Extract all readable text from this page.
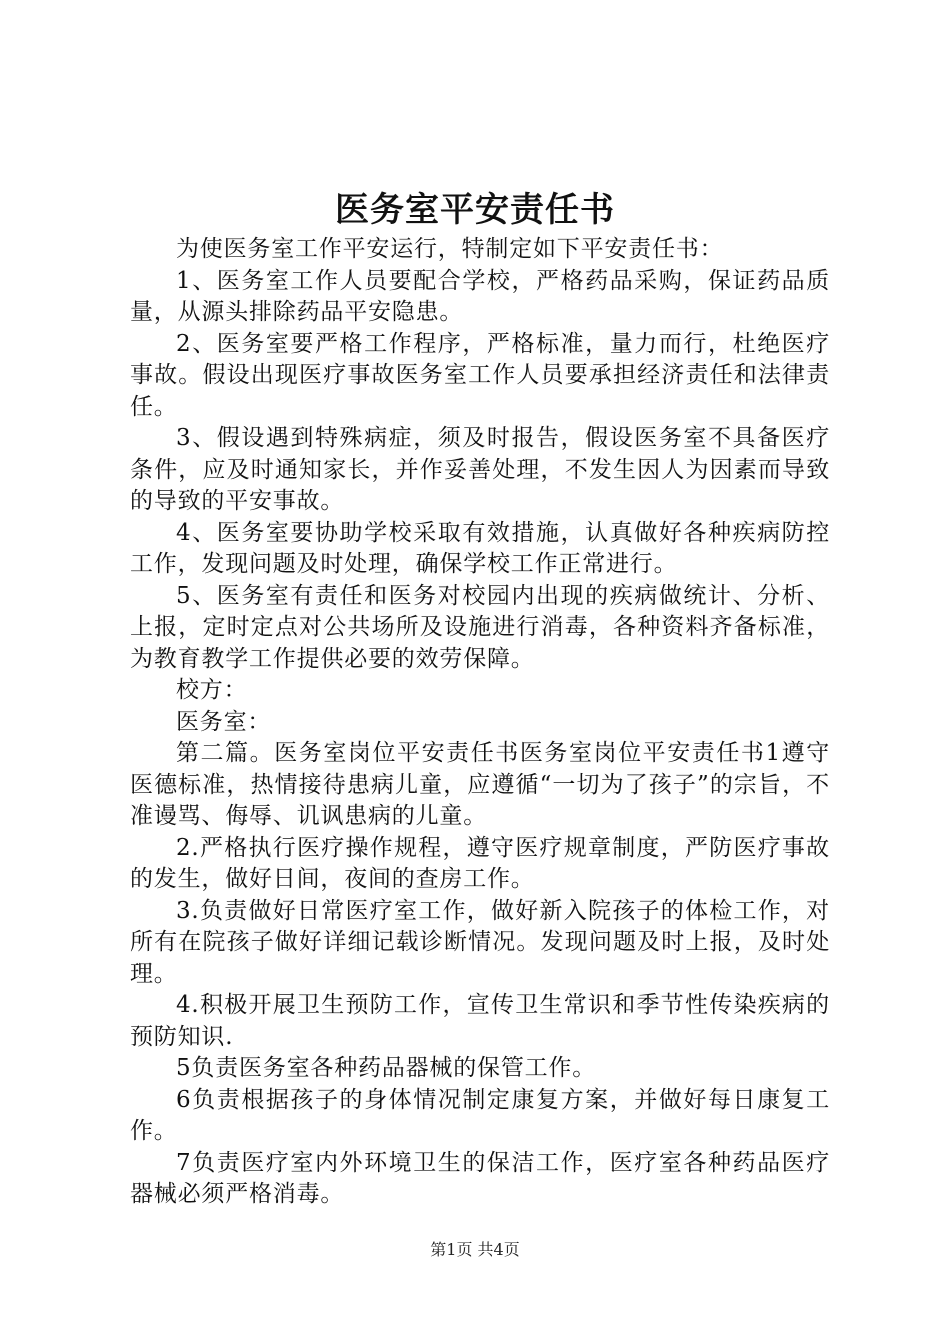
医务室平安责任书

为使医务室工作平安运行，特制定如下平安责任书：

1、医务室工作人员要配合学校，严格药品采购，保证药品质量，从源头排除药品平安隐患。

2、医务室要严格工作程序，严格标准，量力而行，杜绝医疗事故。假设出现医疗事故医务室工作人员要承担经济责任和法律责任。

3、假设遇到特殊病症，须及时报告，假设医务室不具备医疗条件，应及时通知家长，并作妥善处理，不发生因人为因素而导致的导致的平安事故。

4、医务室要协助学校采取有效措施，认真做好各种疾病防控工作，发现问题及时处理，确保学校工作正常进行。

5、医务室有责任和医务对校园内出现的疾病做统计、分析、上报，定时定点对公共场所及设施进行消毒，各种资料齐备标准，为教育教学工作提供必要的效劳保障。

校方：

医务室：

第二篇。医务室岗位平安责任书医务室岗位平安责任书1遵守医德标准，热情接待患病儿童，应遵循“一切为了孩子”的宗旨，不准谩骂、侮辱、讥讽患病的儿童。

2.严格执行医疗操作规程，遵守医疗规章制度，严防医疗事故的发生，做好日间，夜间的查房工作。

3.负责做好日常医疗室工作，做好新入院孩子的体检工作，对所有在院孩子做好详细记载诊断情况。发现问题及时上报，及时处理。

4.积极开展卫生预防工作，宣传卫生常识和季节性传染疾病的预防知识.

5负责医务室各种药品器械的保管工作。

6负责根据孩子的身体情况制定康复方案，并做好每日康复工作。

7负责医疗室内外环境卫生的保洁工作，医疗室各种药品医疗器械必须严格消毒。

第1页 共4页
